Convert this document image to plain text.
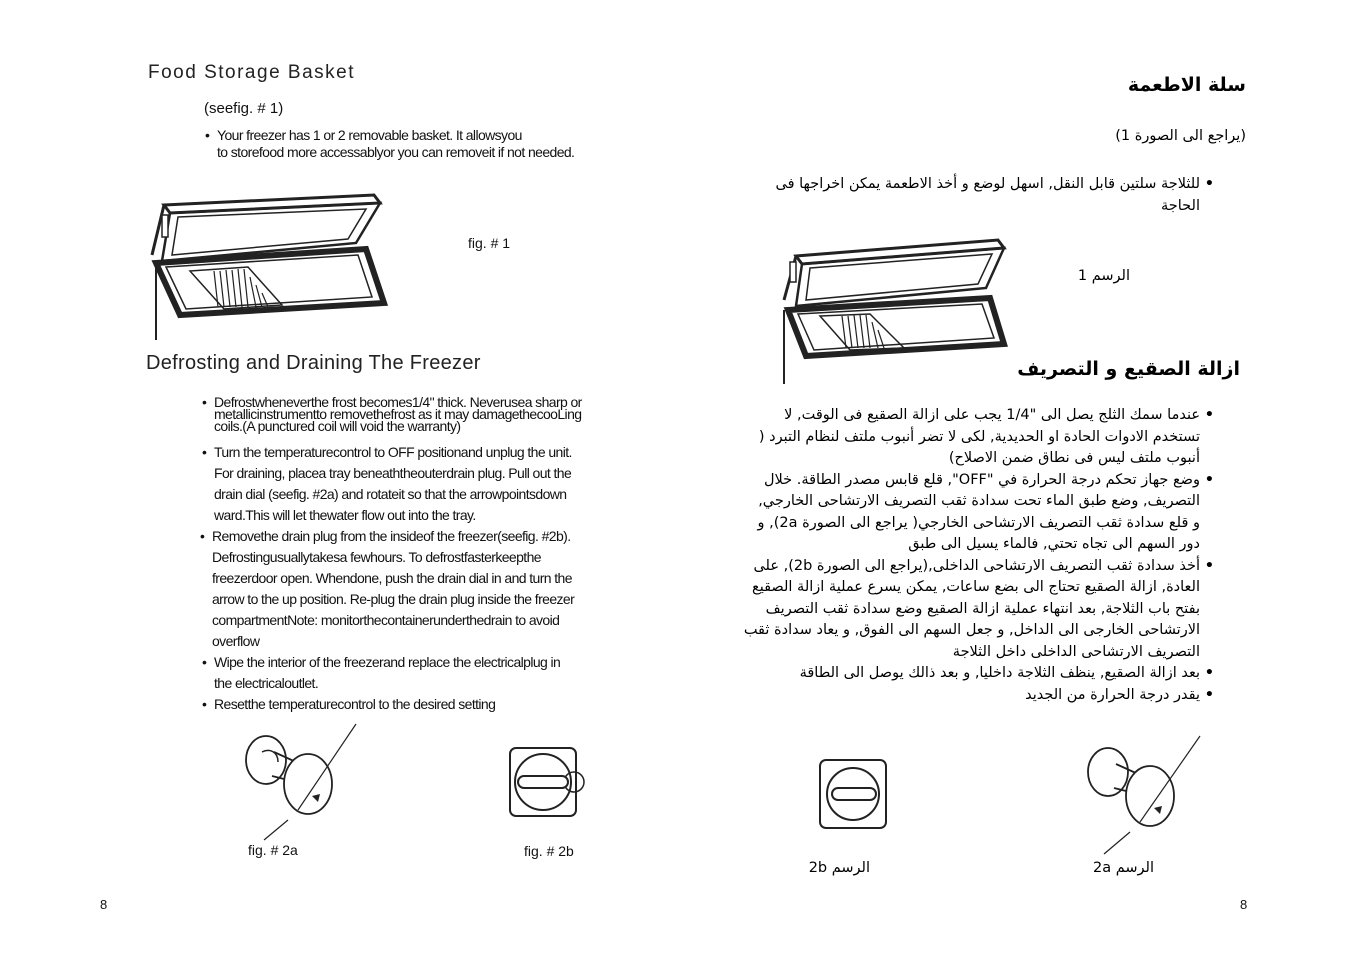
Food Storage Basket
(seefig. # 1)
• Your freezer has 1 or 2 removable basket. It allowsyou
to storefood more accessablyor you can removeit if not needed.
fig. # 1
Defrosting and Draining The Freezer
• Defrostwheneverthe frost becomes1/4" thick. Neverusea sharp or
metallicinstrumentto removethefrost as it may damagethecooLing
coils.(A punctured coil will void the warranty)
• Turn the temperaturecontrol to OFF positionand unplug the unit.
For draining, placea tray beneaththeouterdrain plug. Pull out the
drain dial (seefig. #2a) and rotateit so that the arrowpointsdown
ward.This will let thewater flow out into the tray.
• Removethe drain plug from the insideof the freezer(seefig. #2b).
Defrostingusuallytakesa fewhours. To defrostfasterkeepthe
freezerdoor open. Whendone, push the drain dial in and turn the
arrow to the up position. Re-plug the drain plug inside the freezer
compartmentNote: monitorthecontainerunderthedrain to avoid
overflow
• Wipe the interior of the freezerand replace the electricalplug in
the electricaloutlet.
• Resetthe temperaturecontrol to the desired setting
fig. # 2a	fig. # 2b
8
سلة الاطعمة
(يراجع الى الصورة 1)
للثلاجة سلتين قابل النقل, اسهل لوضع و أخذ الاطعمة يمكن اخراجها فى
الحاجة
•
الرسم 1
ازالة الصقيع و التصريف
عندما سمك الثلج يصل الى "1/4 يجب على ازالة الصقيع فى الوقت, لا •
تستخدم الادوات الحادة او الحديدية, لكى لا تضر أنبوب ملتف لنظام التبرد (
أنبوب ملتف ليس فى نطاق ضمن الاصلاح)
وضع جهاز تحكم درجة الحرارة في "OFF", قلع قابس مصدر الطاقة. خلال •
التصريف, وضع طبق الماء تحت سدادة ثقب التصريف الارتشاحى الخارجي,
و قلع سدادة ثقب التصريف الارتشاحى الخارجي( يراجع الى الصورة 2a), و
دور السهم الى تجاه تحتي, فالماء يسيل الى طبق
أخذ سدادة ثقب التصريف الارتشاحى الداخلى,(يراجع الى الصورة 2b), على •
العادة, ازالة الصقيع تحتاج الى بضع ساعات, يمكن يسرع عملية ازالة الصقيع
بفتح باب الثلاجة, بعد انتهاء عملية ازالة الصقيع وضع سدادة ثقب التصريف
الارتشاحى الخارجى الى الداخل, و جعل السهم الى الفوق, و يعاد سدادة ثقب
التصريف الارتشاحى الداخلى داخل الثلاجة
بعد ازالة الصقيع, ينظف الثلاجة داخليا, و بعد ذالك يوصل الى الطاقة •
يقدر درجة الحرارة من الجديد •
الرسم 2b	الرسم 2a
8
